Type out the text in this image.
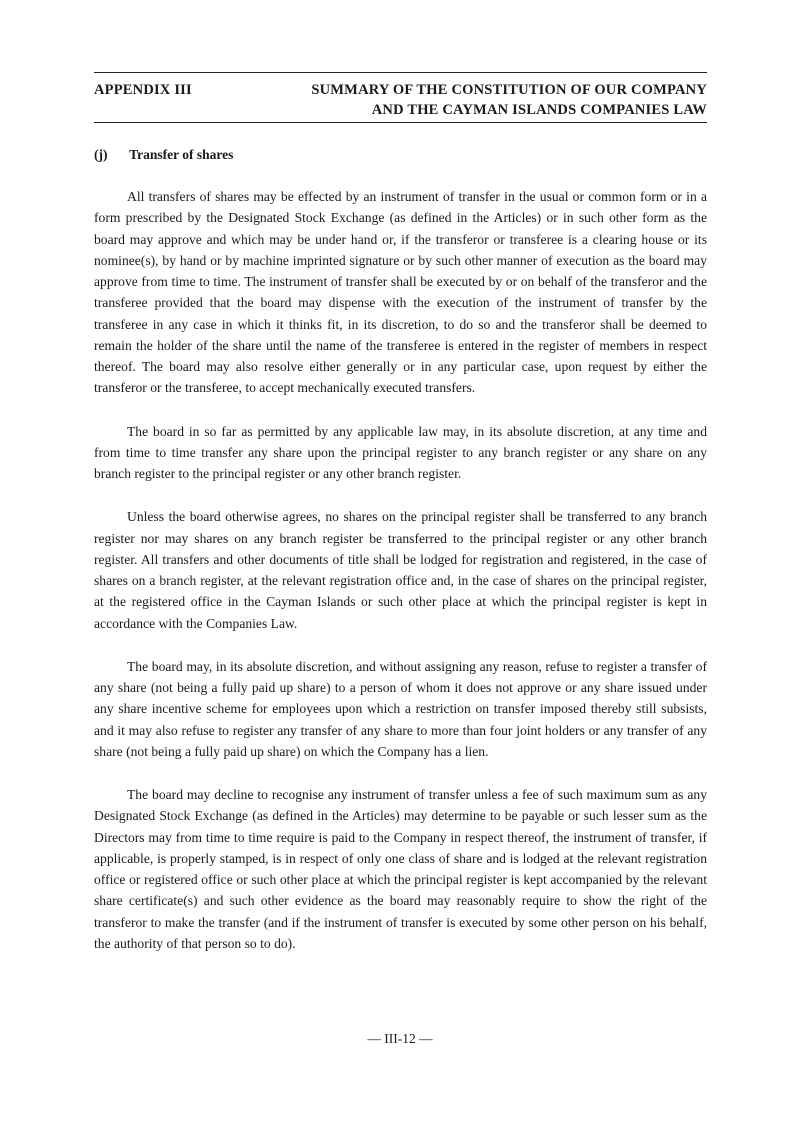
APPENDIX III	SUMMARY OF THE CONSTITUTION OF OUR COMPANY
AND THE CAYMAN ISLANDS COMPANIES LAW
(j) Transfer of shares

All transfers of shares may be effected by an instrument of transfer in the usual or common form or in a form prescribed by the Designated Stock Exchange (as defined in the Articles) or in such other form as the board may approve and which may be under hand or, if the transferor or transferee is a clearing house or its nominee(s), by hand or by machine imprinted signature or by such other manner of execution as the board may approve from time to time. The instrument of transfer shall be executed by or on behalf of the transferor and the transferee provided that the board may dispense with the execution of the instrument of transfer by the transferee in any case in which it thinks fit, in its discretion, to do so and the transferor shall be deemed to remain the holder of the share until the name of the transferee is entered in the register of members in respect thereof. The board may also resolve either generally or in any particular case, upon request by either the transferor or the transferee, to accept mechanically executed transfers.

The board in so far as permitted by any applicable law may, in its absolute discretion, at any time and from time to time transfer any share upon the principal register to any branch register or any share on any branch register to the principal register or any other branch register.

Unless the board otherwise agrees, no shares on the principal register shall be transferred to any branch register nor may shares on any branch register be transferred to the principal register or any other branch register. All transfers and other documents of title shall be lodged for registration and registered, in the case of shares on a branch register, at the relevant registration office and, in the case of shares on the principal register, at the registered office in the Cayman Islands or such other place at which the principal register is kept in accordance with the Companies Law.

The board may, in its absolute discretion, and without assigning any reason, refuse to register a transfer of any share (not being a fully paid up share) to a person of whom it does not approve or any share issued under any share incentive scheme for employees upon which a restriction on transfer imposed thereby still subsists, and it may also refuse to register any transfer of any share to more than four joint holders or any transfer of any share (not being a fully paid up share) on which the Company has a lien.

The board may decline to recognise any instrument of transfer unless a fee of such maximum sum as any Designated Stock Exchange (as defined in the Articles) may determine to be payable or such lesser sum as the Directors may from time to time require is paid to the Company in respect thereof, the instrument of transfer, if applicable, is properly stamped, is in respect of only one class of share and is lodged at the relevant registration office or registered office or such other place at which the principal register is kept accompanied by the relevant share certificate(s) and such other evidence as the board may reasonably require to show the right of the transferor to make the transfer (and if the instrument of transfer is executed by some other person on his behalf, the authority of that person so to do).

— III-12 —
